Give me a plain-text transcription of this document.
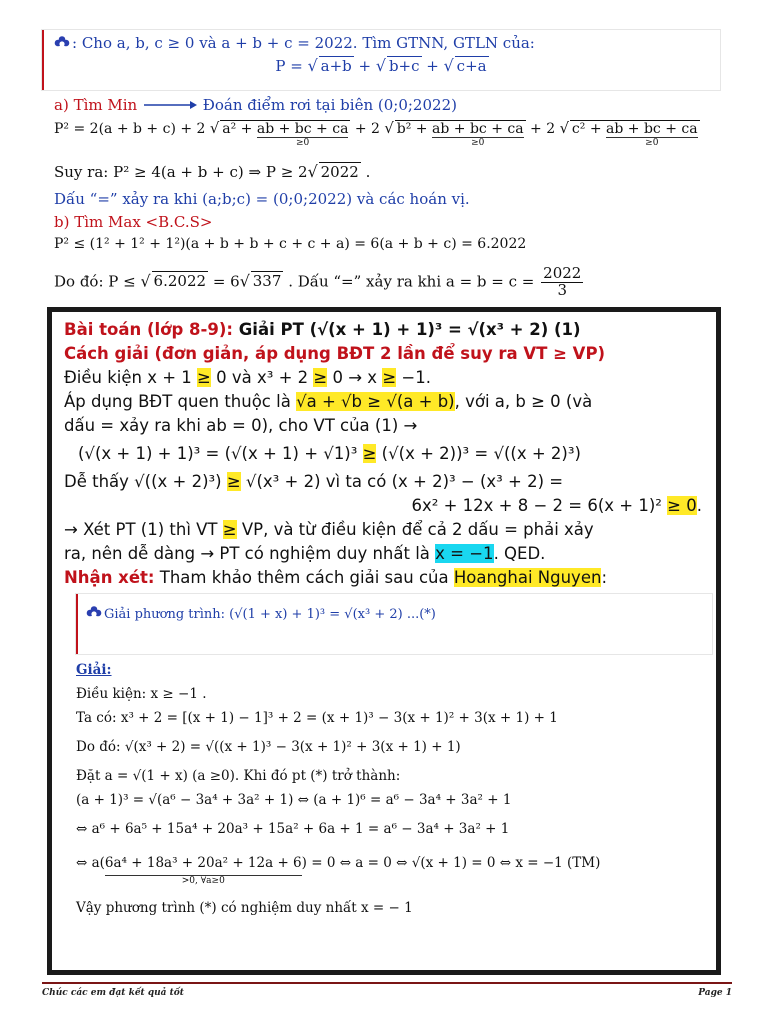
: Cho a, b, c ≥ 0 và a + b + c = 2022. Tìm GTNN, GTLN của:
P = √ a+b + √ b+c + √ c+a
a) Tìm Min	Đoán điểm rơi tại biên (0;0;2022)
P² = 2(a + b + c) + 2 √ a² + ab + bc + ca
≥0
+ 2 √ b² + ab + bc + ca
≥0
+ 2 √ c² + ab + bc + ca
≥0
Suy ra: P² ≥ 4(a + b + c) ⇒ P ≥ 2√ 2022 .
Dấu “=” xảy ra khi (a;b;c) = (0;0;2022) và các hoán vị.
b) Tìm Max <B.C.S>
P² ≤ (1² + 1² + 1²)(a + b + b + c + c + a) = 6(a + b + c) = 6.2022
Do đó: P ≤ √ 6.2022 = 6√ 337 . Dấu “=” xảy ra khi $a = b = c = \frac{2022}{3}$
Bài toán (lớp 8-9): Giải PT (√(x + 1) + 1)³ = √(x³ + 2) (1)
Cách giải (đơn giản, áp dụng BĐT 2 lần để suy ra VT ≥ VP)
Điều kiện x + 1 ≥ 0 và x³ + 2 ≥ 0 → x ≥ −1.
Áp dụng BĐT quen thuộc là √a + √b ≥ √(a + b), với a, b ≥ 0 (và
dấu = xảy ra khi ab = 0), cho VT của (1) →
(√(x + 1) + 1)³ = (√(x + 1) + √1)³ ≥ (√(x + 2))³ = √((x + 2)³)
Dễ thấy √((x + 2)³) ≥ √(x³ + 2) vì ta có (x + 2)³ − (x³ + 2) =
6x² + 12x + 8 − 2 = 6(x + 1)² ≥ 0.
→ Xét PT (1) thì VT ≥ VP, và từ điều kiện để cả 2 dấu = phải xảy
ra, nên dễ dàng → PT có nghiệm duy nhất là x = −1. QED.
Nhận xét: Tham khảo thêm cách giải sau của Hoanghai Nguyen:
Giải phương trình: (√(1 + x) + 1)³ = √(x³ + 2) ...(*)
Giải:
Điều kiện: x ≥ −1 .
Ta có: x³ + 2 = [(x + 1) − 1]³ + 2 = (x + 1)³ − 3(x + 1)² + 3(x + 1) + 1
Do đó: √(x³ + 2) = √((x + 1)³ − 3(x + 1)² + 3(x + 1) + 1)
Đặt a = √(1 + x) (a ≥0). Khi đó pt (*) trở thành:
(a + 1)³ = √(a⁶ − 3a⁴ + 3a² + 1) ⇔ (a + 1)⁶ = a⁶ − 3a⁴ + 3a² + 1
⇔ a⁶ + 6a⁵ + 15a⁴ + 20a³ + 15a² + 6a + 1 = a⁶ − 3a⁴ + 3a² + 1
⇔ a( 6a⁴ + 18a³ + 20a² + 12a + 6
>0, ∀a≥0
) = 0 ⇔ a = 0 ⇔ √(x + 1) = 0 ⇔ x = −1 (TM)
Vậy phương trình (*) có nghiệm duy nhất x = − 1
Chúc các em đạt kết quả tốt	Page 1
